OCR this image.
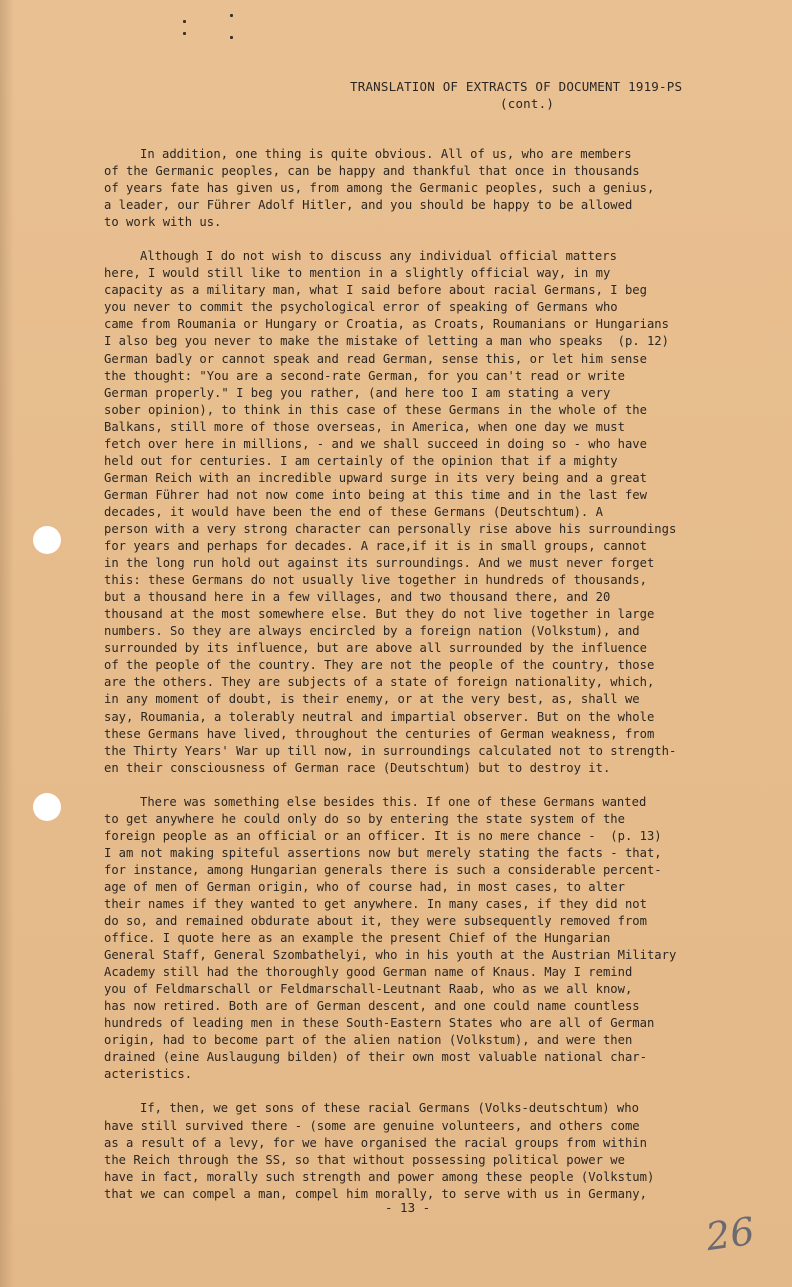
TRANSLATION OF EXTRACTS OF DOCUMENT 1919-PS
(cont.)
In addition, one thing is quite obvious. All of us, who are members
of the Germanic peoples, can be happy and thankful that once in thousands
of years fate has given us, from among the Germanic peoples, such a genius,
a leader, our Führer Adolf Hitler, and you should be happy to be allowed
to work with us.
Although I do not wish to discuss any individual official matters
here, I would still like to mention in a slightly official way, in my
capacity as a military man, what I said before about racial Germans, I beg
you never to commit the psychological error of speaking of Germans who
came from Roumania or Hungary or Croatia, as Croats, Roumanians or Hungarians
I also beg you never to make the mistake of letting a man who speaks  (p. 12)
German badly or cannot speak and read German, sense this, or let him sense
the thought: "You are a second-rate German, for you can't read or write
German properly." I beg you rather, (and here too I am stating a very
sober opinion), to think in this case of these Germans in the whole of the
Balkans, still more of those overseas, in America, when one day we must
fetch over here in millions, - and we shall succeed in doing so - who have
held out for centuries. I am certainly of the opinion that if a mighty
German Reich with an incredible upward surge in its very being and a great
German Führer had not now come into being at this time and in the last few
decades, it would have been the end of these Germans (Deutschtum). A
person with a very strong character can personally rise above his surroundings
for years and perhaps for decades. A race,if it is in small groups, cannot
in the long run hold out against its surroundings. And we must never forget
this: these Germans do not usually live together in hundreds of thousands,
but a thousand here in a few villages, and two thousand there, and 20
thousand at the most somewhere else. But they do not live together in large
numbers. So they are always encircled by a foreign nation (Volkstum), and
surrounded by its influence, but are above all surrounded by the influence
of the people of the country. They are not the people of the country, those
are the others. They are subjects of a state of foreign nationality, which,
in any moment of doubt, is their enemy, or at the very best, as, shall we
say, Roumania, a tolerably neutral and impartial observer. But on the whole
these Germans have lived, throughout the centuries of German weakness, from
the Thirty Years' War up till now, in surroundings calculated not to strength-
en their consciousness of German race (Deutschtum) but to destroy it.
There was something else besides this. If one of these Germans wanted
to get anywhere he could only do so by entering the state system of the
foreign people as an official or an officer. It is no mere chance -  (p. 13)
I am not making spiteful assertions now but merely stating the facts - that,
for instance, among Hungarian generals there is such a considerable percent-
age of men of German origin, who of course had, in most cases, to alter
their names if they wanted to get anywhere. In many cases, if they did not
do so, and remained obdurate about it, they were subsequently removed from
office. I quote here as an example the present Chief of the Hungarian
General Staff, General Szombathelyi, who in his youth at the Austrian Military
Academy still had the thoroughly good German name of Knaus. May I remind
you of Feldmarschall or Feldmarschall-Leutnant Raab, who as we all know,
has now retired. Both are of German descent, and one could name countless
hundreds of leading men in these South-Eastern States who are all of German
origin, had to become part of the alien nation (Volkstum), and were then
drained (eine Auslaugung bilden) of their own most valuable national char-
acteristics.
If, then, we get sons of these racial Germans (Volks-deutschtum) who
have still survived there - (some are genuine volunteers, and others come
as a result of a levy, for we have organised the racial groups from within
the Reich through the SS, so that without possessing political power we
have in fact, morally such strength and power among these people (Volkstum)
that we can compel a man, compel him morally, to serve with us in Germany,
- 13 -
26
